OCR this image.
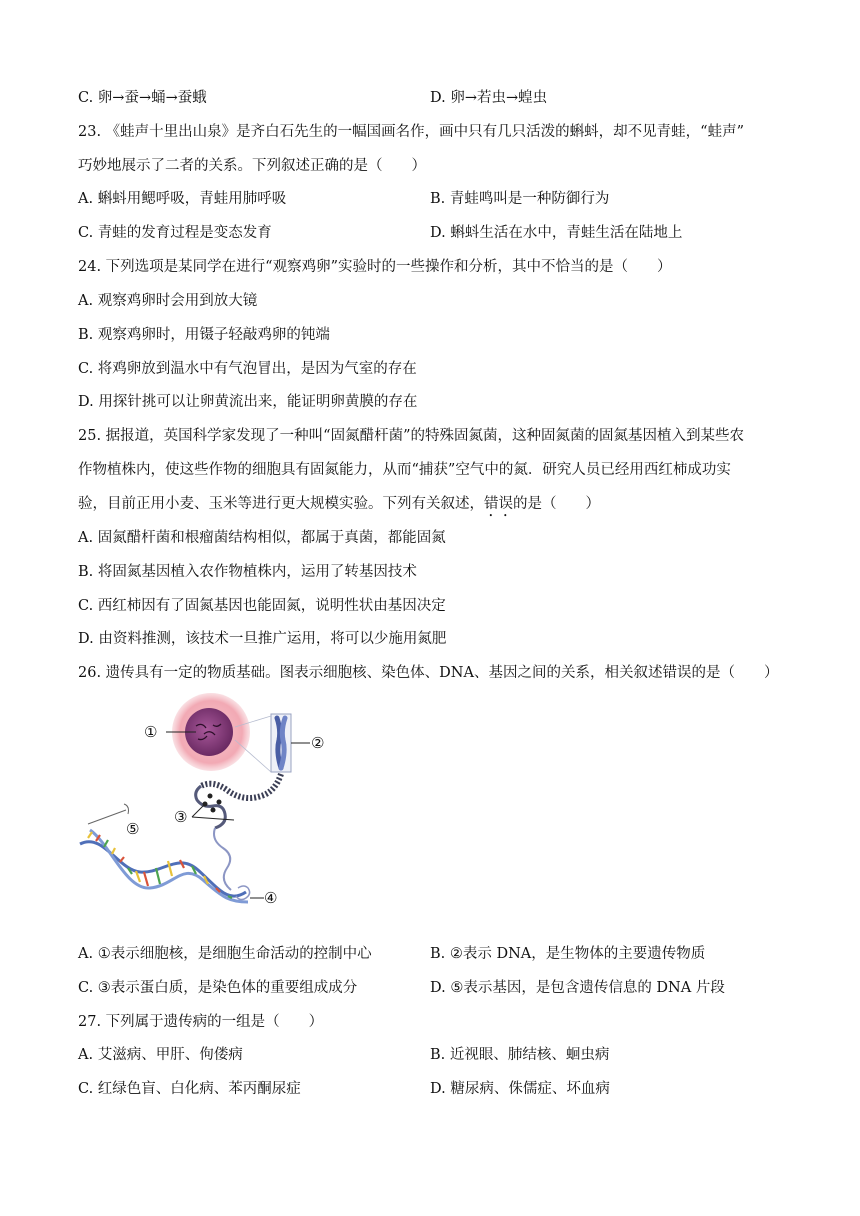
C. 卵→蚕→蛹→蚕蛾	D. 卵→若虫→蝗虫
23. 《蛙声十里出山泉》是齐白石先生的一幅国画名作，画中只有几只活泼的蝌蚪，却不见青蛙，“蛙声”
巧妙地展示了二者的关系。下列叙述正确的是（　　）
A. 蝌蚪用鳃呼吸，青蛙用肺呼吸	B. 青蛙鸣叫是一种防御行为
C. 青蛙的发育过程是变态发育	D. 蝌蚪生活在水中，青蛙生活在陆地上
24. 下列选项是某同学在进行“观察鸡卵”实验时的一些操作和分析，其中不恰当的是（　　）
A. 观察鸡卵时会用到放大镜
B. 观察鸡卵时，用镊子轻敲鸡卵的钝端
C. 将鸡卵放到温水中有气泡冒出，是因为气室的存在
D. 用探针挑可以让卵黄流出来，能证明卵黄膜的存在
25. 据报道，英国科学家发现了一种叫“固氮醋杆菌”的特殊固氮菌，这种固氮菌的固氮基因植入到某些农
作物植株内，使这些作物的细胞具有固氮能力，从而“捕获”空气中的氮．研究人员已经用西红柿成功实
验，目前正用小麦、玉米等进行更大规模实验。下列有关叙述，错误的是（　　）
A. 固氮醋杆菌和根瘤菌结构相似，都属于真菌，都能固氮
B. 将固氮基因植入农作物植株内，运用了转基因技术
C. 西红柿因有了固氮基因也能固氮，说明性状由基因决定
D. 由资料推测，该技术一旦推广运用，将可以少施用氮肥
26. 遗传具有一定的物质基础。图表示细胞核、染色体、DNA、基因之间的关系，相关叙述错误的是（　　）
①
②
③
④
⑤
A. ①表示细胞核，是细胞生命活动的控制中心	B. ②表示 DNA，是生物体的主要遗传物质
C. ③表示蛋白质，是染色体的重要组成成分	D. ⑤表示基因，是包含遗传信息的 DNA 片段
27. 下列属于遗传病的一组是（　　）
A. 艾滋病、甲肝、佝偻病	B. 近视眼、肺结核、蛔虫病
C. 红绿色盲、白化病、苯丙酮尿症	D. 糖尿病、侏儒症、坏血病
